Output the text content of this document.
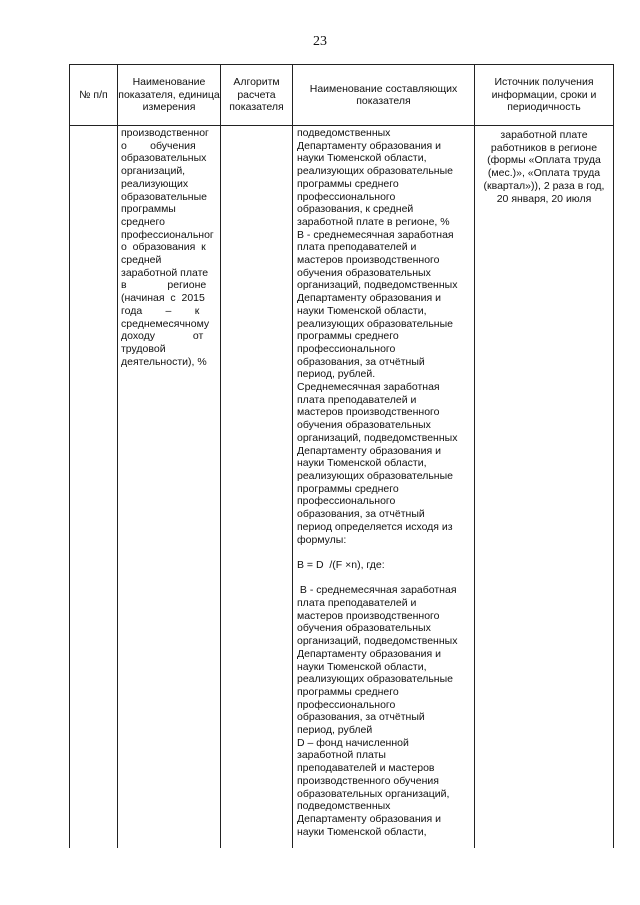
23
№ п/п
Наименование показателя, единица измерения
Алгоритм расчета показателя
Наименование составляющих показателя
Источник получения информации, сроки и периодичность
производственног
о        обучения
образовательных
организаций,
реализующих
образовательные
программы
среднего
профессиональног
о  образования  к
средней
заработной плате
в              регионе
(начиная  с  2015
года        –        к
среднемесячному
доходу             от
трудовой
деятельности), %
подведомственных
Департаменту образования и
науки Тюменской области,
реализующих образовательные
программы среднего
профессионального
образования, к средней
заработной плате в регионе, %
В - среднемесячная заработная
плата преподавателей и
мастеров производственного
обучения образовательных
организаций, подведомственных
Департаменту образования и
науки Тюменской области,
реализующих образовательные
программы среднего
профессионального
образования, за отчётный
период, рублей.
Среднемесячная заработная
плата преподавателей и
мастеров производственного
обучения образовательных
организаций, подведомственных
Департаменту образования и
науки Тюменской области,
реализующих образовательные
программы среднего
профессионального
образования, за отчётный
период определяется исходя из
формулы:

В = D  /(F ×n), где:

В - среднемесячная заработная
плата преподавателей и
мастеров производственного
обучения образовательных
организаций, подведомственных
Департаменту образования и
науки Тюменской области,
реализующих образовательные
программы среднего
профессионального
образования, за отчётный
период, рублей
D – фонд начисленной
заработной платы
преподавателей и мастеров
производственного обучения
образовательных организаций,
подведомственных
Департаменту образования и
науки Тюменской области,
заработной плате работников в регионе (формы «Оплата труда (мес.)», «Оплата труда (квартал»)), 2 раза в год, 20 января, 20 июля
